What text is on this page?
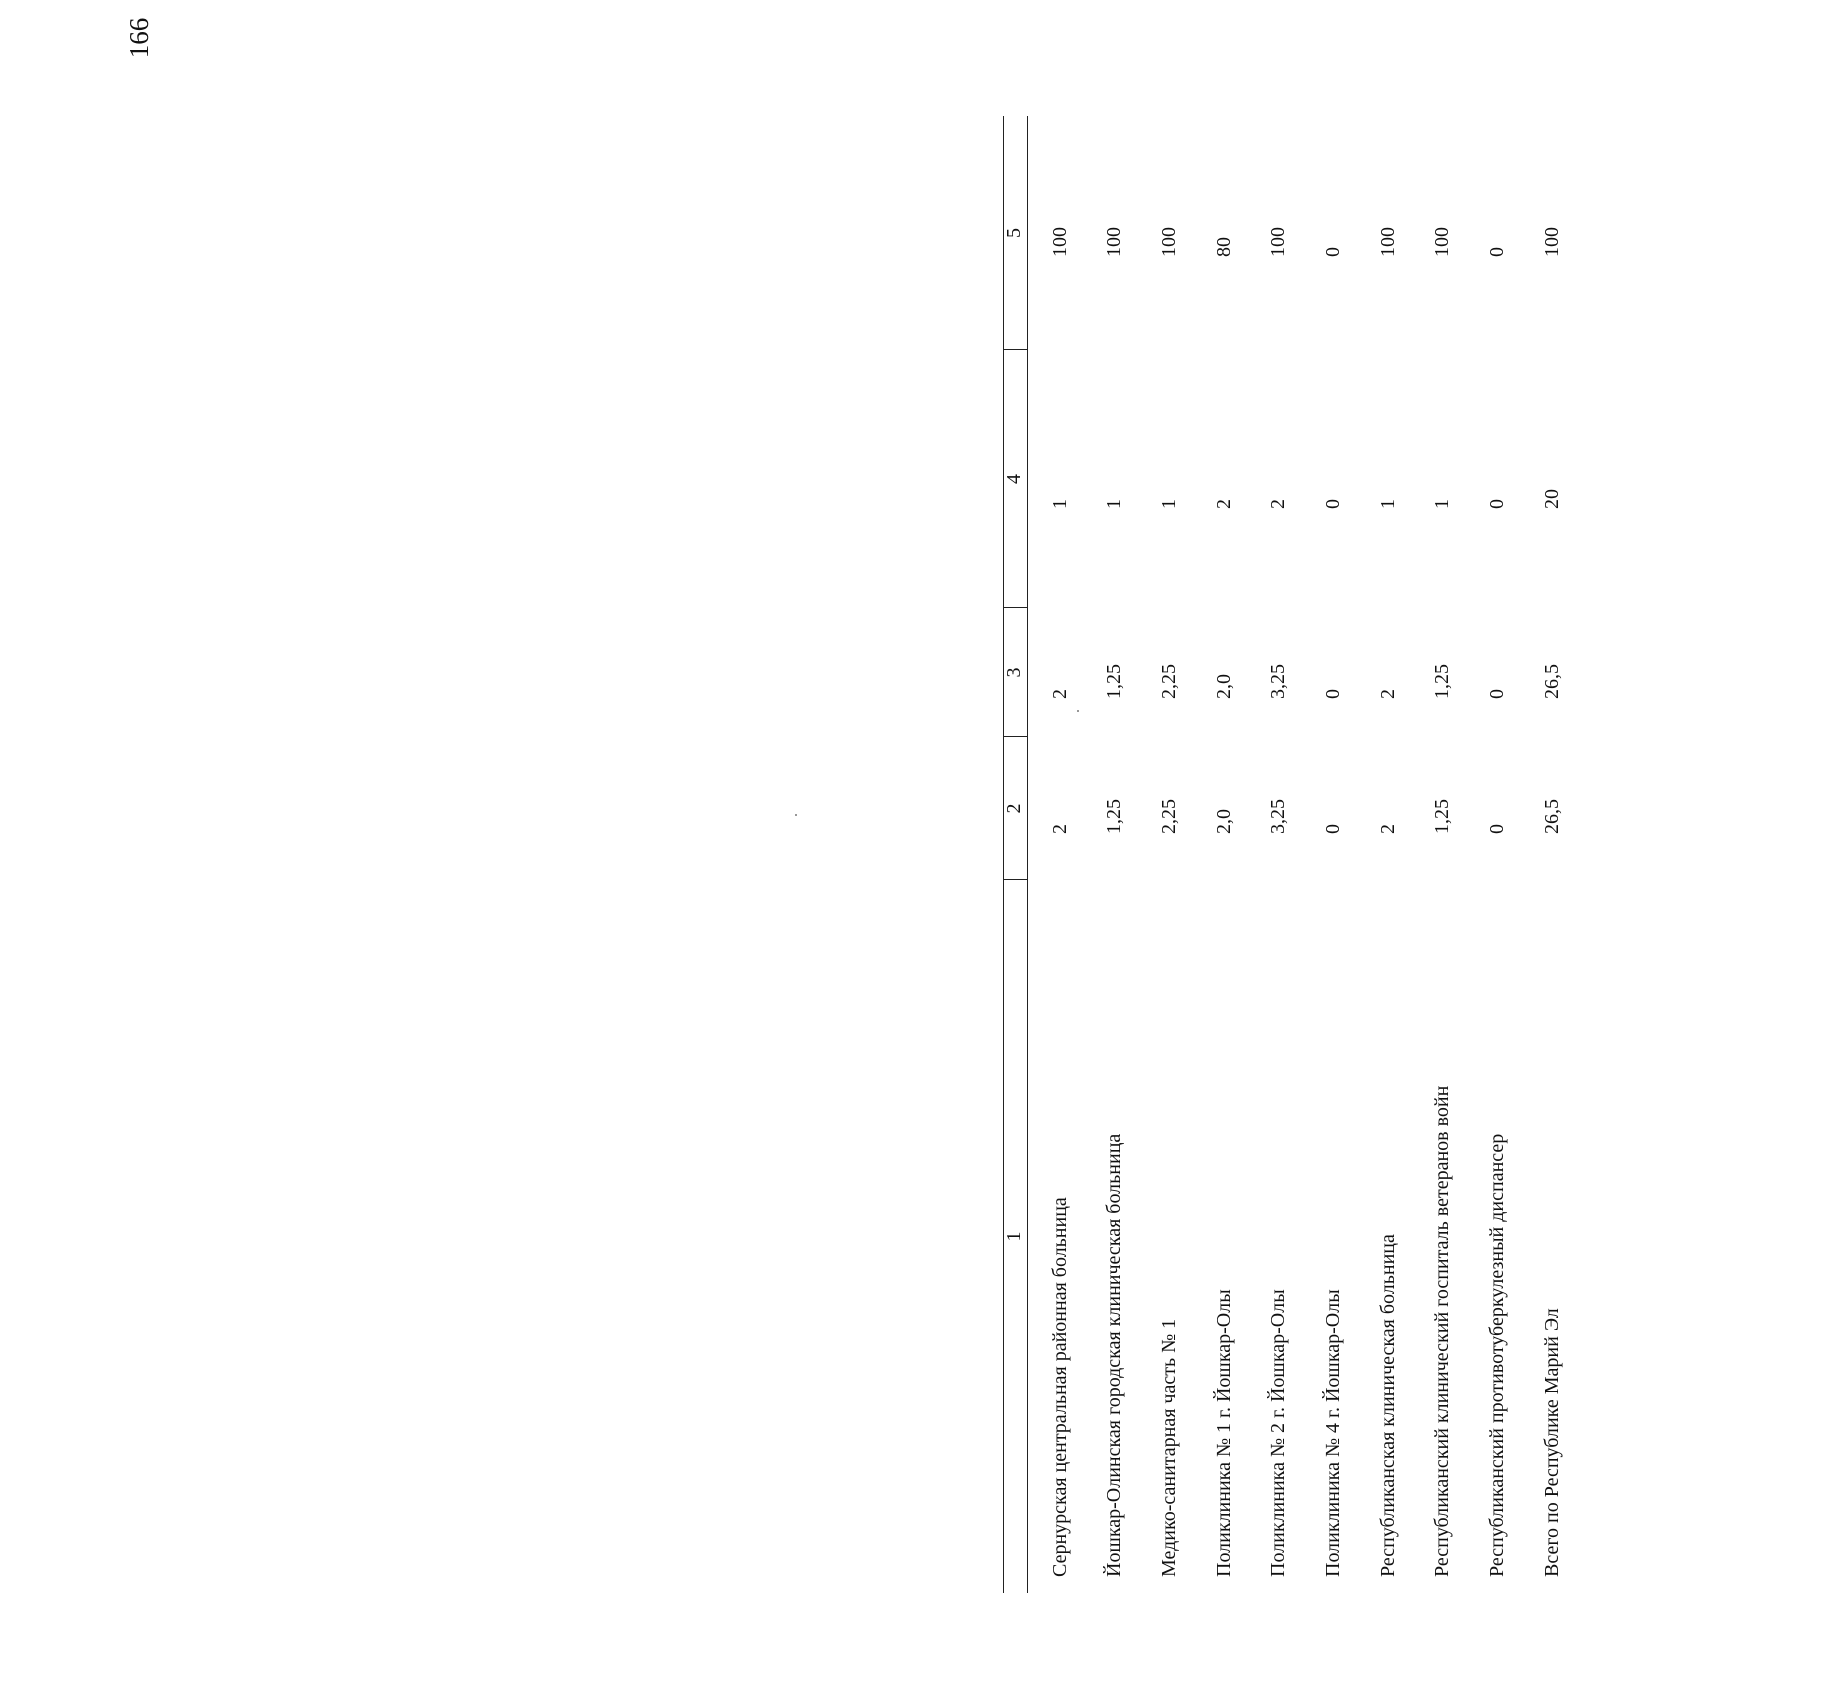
166
1
2
3
4
5
Сернурская центральная районная больница
2
2
1
100
Йошкар-Олинская городская клиническая больница
1,25
1,25
1
100
Медико-санитарная часть № 1
2,25
2,25
1
100
Поликлиника № 1 г. Йошкар-Олы
2,0
2,0
2
80
Поликлиника № 2 г. Йошкар-Олы
3,25
3,25
2
100
Поликлиника № 4 г. Йошкар-Олы
0
0
0
0
Республиканская клиническая больница
2
2
1
100
Республиканский клинический госпиталь ветеранов войн
1,25
1,25
1
100
Республиканский противотуберкулезный диспансер
0
0
0
0
Всего по Республике Марий Эл
26,5
26,5
20
100
